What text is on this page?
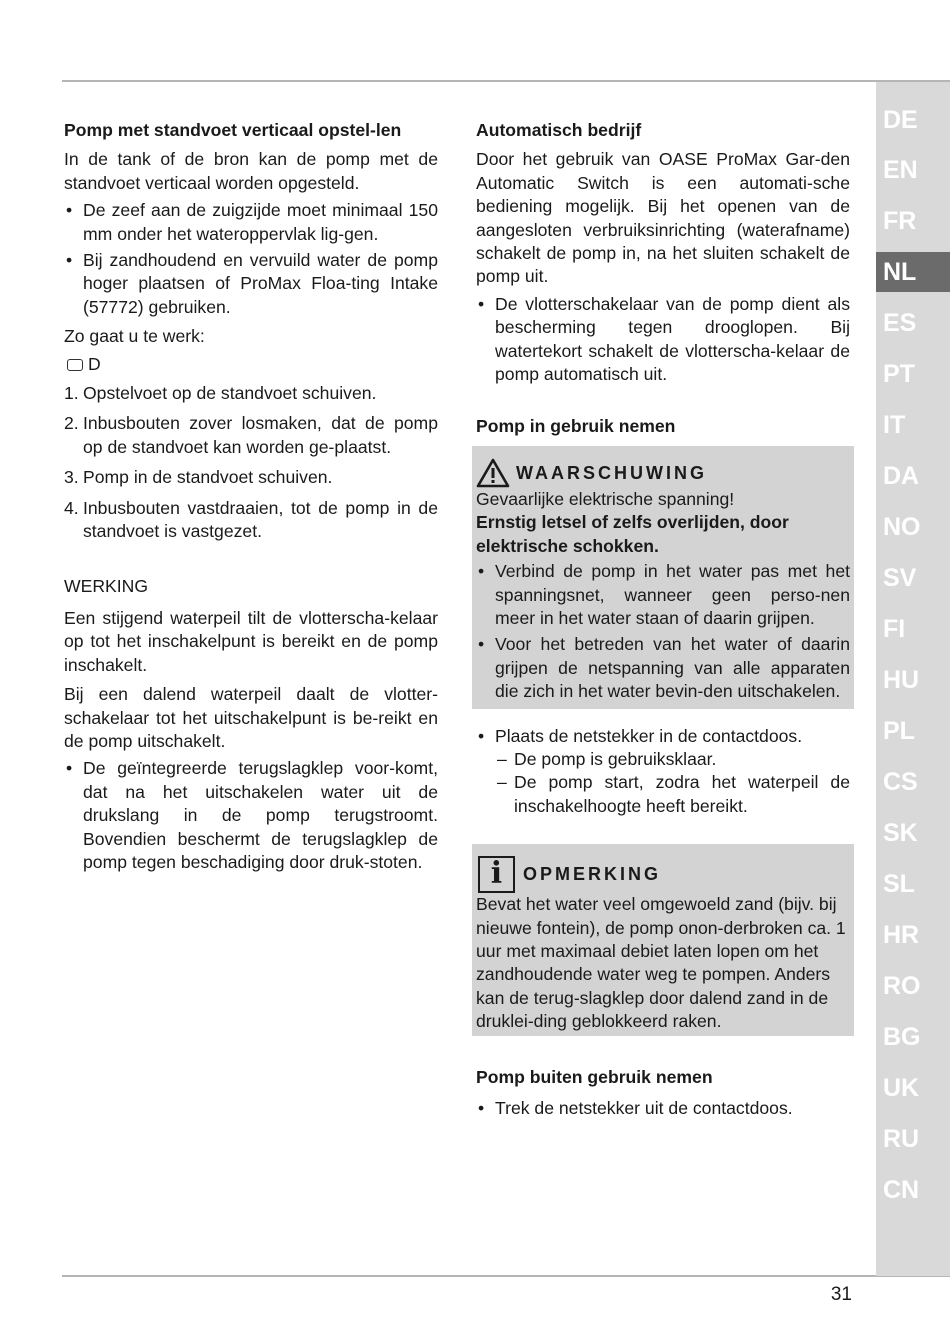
DE
EN
FR
NL
ES
PT
IT
DA
NO
SV
FI
HU
PL
CS
SK
SL
HR
RO
BG
UK
RU
CN

Pomp met standvoet verticaal opstel-len

In de tank of de bron kan de pomp met de standvoet verticaal worden opgesteld.

• De zeef aan de zuigzijde moet minimaal 150 mm onder het wateroppervlak lig-gen.
• Bij zandhoudend en vervuild water de pomp hoger plaatsen of ProMax Floa-ting Intake (57772) gebruiken.

Zo gaat u te werk:

D

1. Opstelvoet op de standvoet schuiven.
2. Inbusbouten zover losmaken, dat de pomp op de standvoet kan worden ge-plaatst.
3. Pomp in de standvoet schuiven.
4. Inbusbouten vastdraaien, tot de pomp in de standvoet is vastgezet.

WERKING

Een stijgend waterpeil tilt de vlotterscha-kelaar op tot het inschakelpunt is bereikt en de pomp inschakelt.

Bij een dalend waterpeil daalt de vlotter-schakelaar tot het uitschakelpunt is be-reikt en de pomp uitschakelt.

• De geïntegreerde terugslagklep voor-komt, dat na het uitschakelen water uit de drukslang in de pomp terugstroomt. Bovendien beschermt de terugslagklep de pomp tegen beschadiging door druk-stoten.

Automatisch bedrijf

Door het gebruik van OASE ProMax Gar-den Automatic Switch is een automati-sche bediening mogelijk. Bij het openen van de aangesloten verbruiksinrichting (waterafname) schakelt de pomp in, na het sluiten schakelt de pomp uit.

• De vlotterschakelaar van de pomp dient als bescherming tegen drooglopen. Bij watertekort schakelt de vlotterscha-kelaar de pomp automatisch uit.

Pomp in gebruik nemen

WAARSCHUWING

Gevaarlijke elektrische spanning!

Ernstig letsel of zelfs overlijden, door elektrische schokken.

• Verbind de pomp in het water pas met het spanningsnet, wanneer geen perso-nen meer in het water staan of daarin grijpen.
• Voor het betreden van het water of daarin grijpen de netspanning van alle apparaten die zich in het water bevin-den uitschakelen.
• Plaats de netstekker in de contactdoos.
– De pomp is gebruiksklaar.
– De pomp start, zodra het waterpeil de inschakelhoogte heeft bereikt.
i OPMERKING

Bevat het water veel omgewoeld zand (bijv. bij nieuwe fontein), de pomp onon-derbroken ca. 1 uur met maximaal debiet laten lopen om het zandhoudende water weg te pompen. Anders kan de terug-slagklep door dalend zand in de druklei-ding geblokkeerd raken.

Pomp buiten gebruik nemen

• Trek de netstekker uit de contactdoos.
31
